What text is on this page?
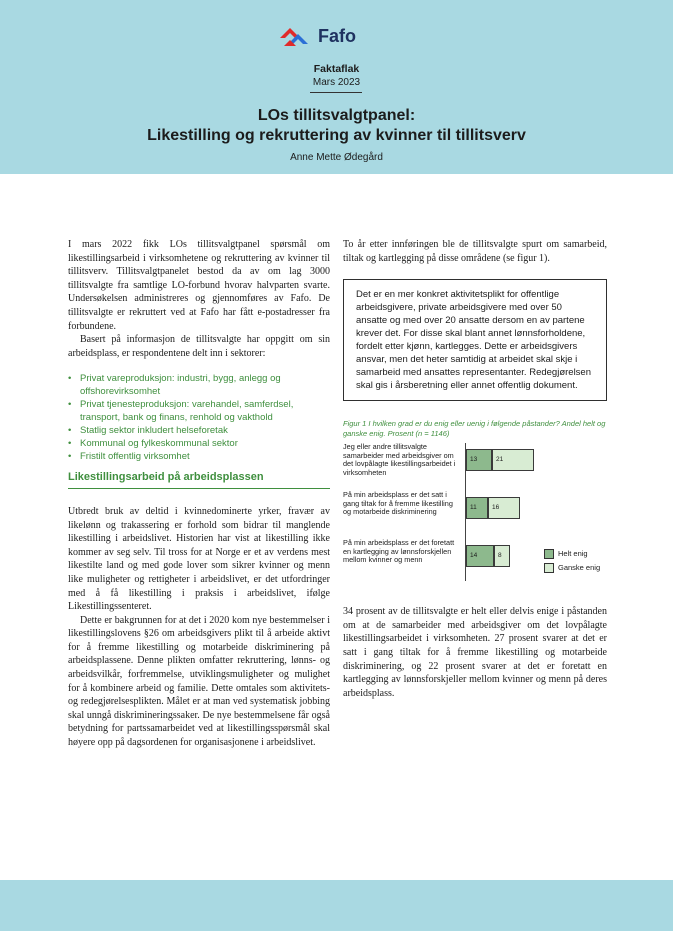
Fafo
Faktaflak
Mars 2023
LOs tillitsvalgtpanel:
Likestilling og rekruttering av kvinner til tillitsverv
Anne Mette Ødegård

I mars 2022 fikk LOs tillitsvalgtpanel spørsmål om likestillingsarbeid i virksomhetene og rekruttering av kvinner til tillitsverv. Tillitsvalgtpanelet bestod da av om lag 3000 tillitsvalgte fra samtlige LO-forbund hvorav halvparten svarte. Undersøkelsen administreres og gjennomføres av Fafo. De tillitsvalgte er rekruttert ved at Fafo har fått e-postadresser fra forbundene.

Basert på informasjon de tillitsvalgte har oppgitt om sin arbeidsplass, er respondentene delt inn i sektorer:

• Privat vareproduksjon: industri, bygg, anlegg og offshorevirksomhet
• Privat tjenesteproduksjon: varehandel, samferdsel, transport, bank og finans, renhold og vakthold
• Statlig sektor inkludert helseforetak
• Kommunal og fylkeskommunal sektor
• Fristilt offentlig virksomhet
Likestillingsarbeid på arbeidsplassen

Utbredt bruk av deltid i kvinnedominerte yrker, fravær av likelønn og trakassering er forhold som bidrar til manglende likestilling i arbeidslivet. Historien har vist at likestilling ikke kommer av seg selv. Til tross for at Norge er et av verdens mest likestilte land og med gode lover som sikrer kvinner og menn like muligheter og rettigheter i arbeidslivet, er det utfordringer med å få likestilling i praksis i arbeidslivet, ifølge Likestillingssenteret.

Dette er bakgrunnen for at det i 2020 kom nye bestemmelser i likestillingslovens §26 om arbeidsgivers plikt til å arbeide aktivt for å fremme likestilling og motarbeide diskriminering på arbeidsplassene. Denne plikten omfatter rekruttering, lønns- og arbeidsvilkår, forfremmelse, utviklingsmuligheter og mulighet for å kombinere arbeid og familie. Dette omtales som aktivitets- og redegjørelsesplikten. Målet er at man ved systematisk jobbing skal unngå diskrimineringssaker. De nye bestemmelsene får også betydning for partssamarbeidet ved at likestillingsspørsmål skal høyere opp på dagsordenen for organisasjonene i arbeidslivet.

To år etter innføringen ble de tillitsvalgte spurt om samarbeid, tiltak og kartlegging på disse områdene (se figur 1).

Det er en mer konkret aktivitetsplikt for offentlige arbeidsgivere, private arbeidsgivere med over 50 ansatte og med over 20 ansatte dersom en av partene krever det. For disse skal blant annet lønnsforholdene, fordelt etter kjønn, kartlegges. Dette er arbeidsgivers ansvar, men det heter samtidig at arbeidet skal skje i samarbeid med ansattes representanter. Redegjørelsen skal gis i årsberetning eller annet offentlig dokument.
Figur 1 I hvilken grad er du enig eller uenig i følgende påstander? Andel helt og ganske enig. Prosent (n = 1146)
Jeg eller andre tillitsvalgte samarbeider med arbeidsgiver om det lovpålagte likestillingsarbeidet i virksomheten
På min arbeidsplass er det satt i gang tiltak for å fremme likestilling og motarbeide diskriminering
På min arbeidsplass er det foretatt en kartlegging av lønnsforskjellen mellom kvinner og menn
13	21
11	16
14	8	Helt enig
Ganske enig

34 prosent av de tillitsvalgte er helt eller delvis enige i påstanden om at de samarbeider med arbeidsgiver om det lovpålagte likestillingsarbeidet i virksomheten. 27 prosent svarer at det er satt i gang tiltak for å fremme likestilling og motarbeide diskriminering, og 22 prosent svarer at det er foretatt en kartlegging av lønnsforskjeller mellom kvinner og menn på deres arbeidsplass.
